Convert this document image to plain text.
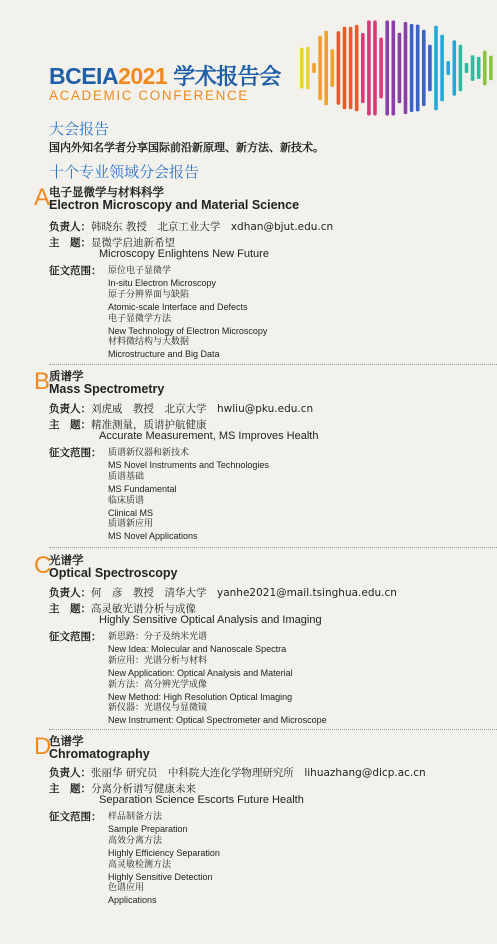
BCEIA2021 学术报告会
ACADEMIC CONFERENCE
大会报告
国内外知名学者分享国际前沿新原理、新方法、新技术。
十个专业领域分会报告
A
电子显微学与材料科学
Electron Microscopy and Material Science
负责人：韩晓东 教授　北京工业大学　xdhan@bjut.edu.cn
主　题：显微学启迪新希望
Microscopy Enlightens New Future
征文范围： 原位电子显微学
In-situ Electron Microscopy
原子分辨界面与缺陷
Atomic-scale Interface and Defects
电子显微学方法
New Technology of Electron Microscopy
材料微结构与大数据
Microstructure and Big Data
B
质谱学
Mass Spectrometry
负责人：刘虎威　教授　北京大学　hwliu@pku.edu.cn
主　题：精准测量，质谱护航健康
Accurate Measurement, MS Improves Health
征文范围： 质谱新仪器和新技术
MS Novel Instruments and Technologies
质谱基础
MS Fundamental
临床质谱
Clinical MS
质谱新应用
MS Novel Applications
C
光谱学
Optical Spectroscopy
负责人：何　彦　教授　清华大学　yanhe2021@mail.tsinghua.edu.cn
主　题：高灵敏光谱分析与成像
Highly Sensitive Optical Analysis and Imaging
征文范围： 新思路：分子及纳米光谱
New Idea: Molecular and Nanoscale Spectra
新应用：光谱分析与材料
New Application: Optical Analysis and Material
新方法：高分辨光学成像
New Method: High Resolution Optical Imaging
新仪器：光谱仪与显微镜
New Instrument: Optical Spectrometer and Microscope
D
色谱学
Chromatography
负责人：张丽华 研究员　中科院大连化学物理研究所　lihuazhang@dicp.ac.cn
主　题：分离分析谱写健康未来
Separation Science Escorts Future Health
征文范围： 样品制备方法
Sample Preparation
高效分离方法
Highly Efficiency Separation
高灵敏检测方法
Highly Sensitive Detection
色谱应用
Applications
